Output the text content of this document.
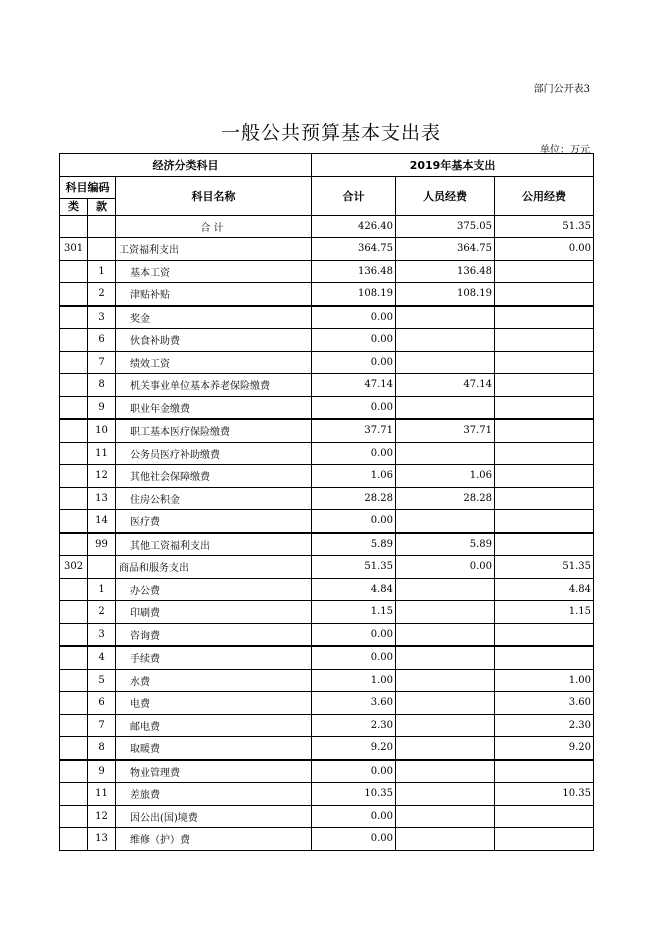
部门公开表3
一般公共预算基本支出表
单位：万元
经济分类科目			2019年基本支出		

科目编码		科目名称	合计	人员经费	公用经费
类	款				
		合计	426.40	375.05	51.35
301		工资福利支出	364.75	364.75	0.00
	1	基本工资	136.48	136.48	
	2	津贴补贴	108.19	108.19	
	3	奖金	0.00		
	6	伙食补助费	0.00		
	7	绩效工资	0.00		
	8	机关事业单位基本养老保险缴费	47.14	47.14	
	9	职业年金缴费	0.00		
	10	职工基本医疗保险缴费	37.71	37.71	
	11	公务员医疗补助缴费	0.00		
	12	其他社会保障缴费	1.06	1.06	
	13	住房公积金	28.28	28.28	
	14	医疗费	0.00		
	99	其他工资福利支出	5.89	5.89	
302		商品和服务支出	51.35	0.00	51.35
	1	办公费	4.84		4.84
	2	印刷费	1.15		1.15
	3	咨询费	0.00		
	4	手续费	0.00		
	5	水费	1.00		1.00
	6	电费	3.60		3.60
	7	邮电费	2.30		2.30
	8	取暖费	9.20		9.20
	9	物业管理费	0.00		
	11	差旅费	10.35		10.35
	12	因公出(国)境费	0.00		
	13	维修（护）费	0.00		
